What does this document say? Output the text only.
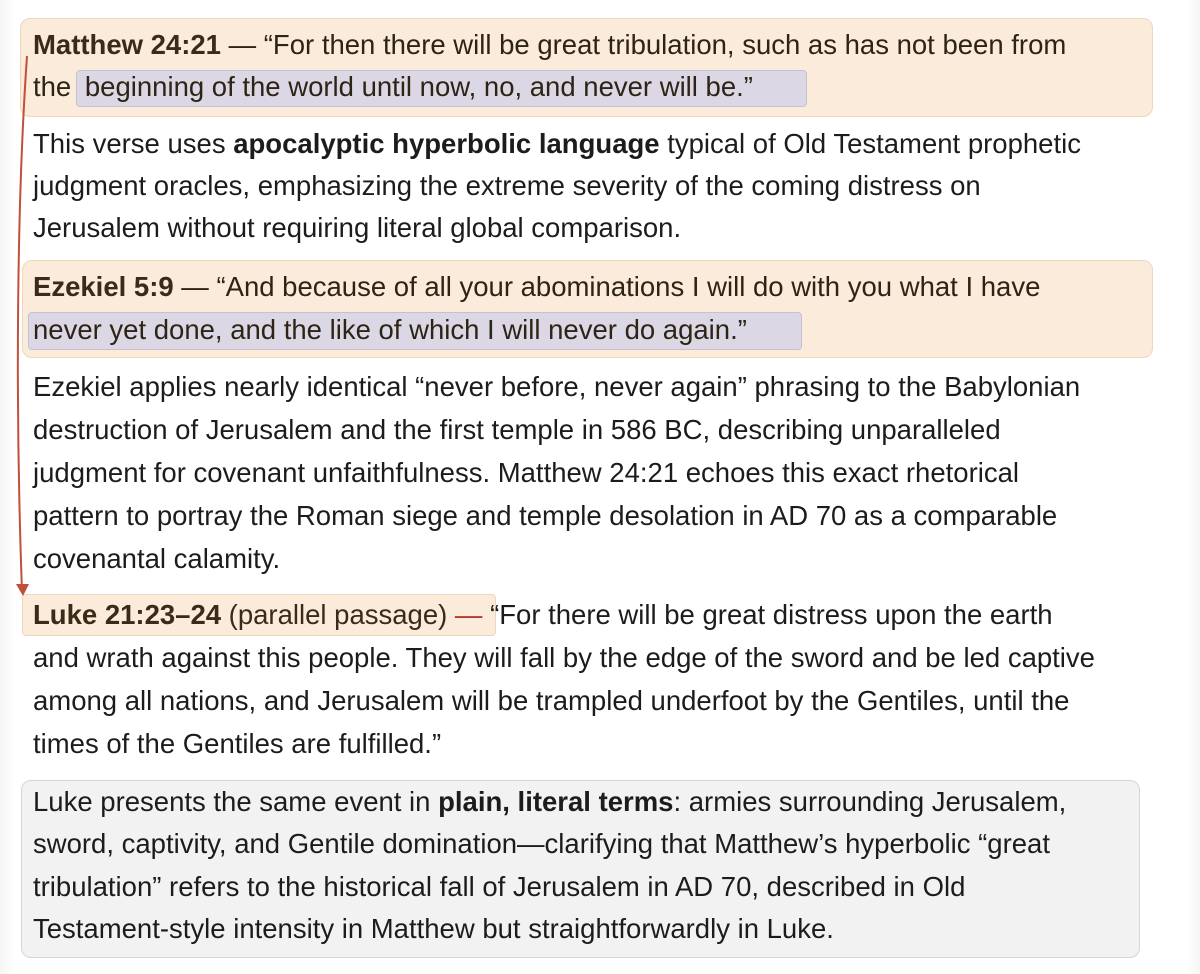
Matthew 24:21 — “For then there will be great tribulation, such as has not been from

the beginning of the world until now, no, and never will be.”

This verse uses apocalyptic hyperbolic language typical of Old Testament prophetic

judgment oracles, emphasizing the extreme severity of the coming distress on

Jerusalem without requiring literal global comparison.

Ezekiel 5:9 — “And because of all your abominations I will do with you what I have

never yet done, and the like of which I will never do again.”

Ezekiel applies nearly identical “never before, never again” phrasing to the Babylonian

destruction of Jerusalem and the first temple in 586 BC, describing unparalleled

judgment for covenant unfaithfulness. Matthew 24:21 echoes this exact rhetorical

pattern to portray the Roman siege and temple desolation in AD 70 as a comparable

covenantal calamity.

Luke 21:23–24 (parallel passage) — “For there will be great distress upon the earth

and wrath against this people. They will fall by the edge of the sword and be led captive

among all nations, and Jerusalem will be trampled underfoot by the Gentiles, until the

times of the Gentiles are fulfilled.”

Luke presents the same event in plain, literal terms: armies surrounding Jerusalem,

sword, captivity, and Gentile domination—clarifying that Matthew’s hyperbolic “great

tribulation” refers to the historical fall of Jerusalem in AD 70, described in Old

Testament-style intensity in Matthew but straightforwardly in Luke.
